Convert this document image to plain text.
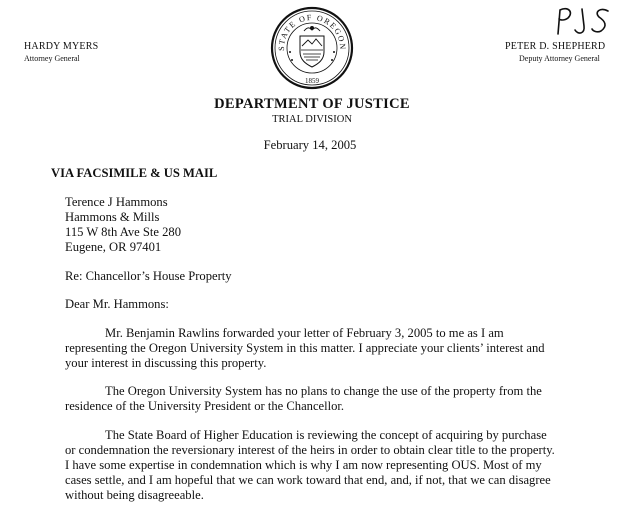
HARDY MYERS
Attorney General
PETER D. SHEPHERD
Deputy Attorney General
STATE OF OREGON
1859
DEPARTMENT OF JUSTICE
TRIAL DIVISION
February 14, 2005
VIA FACSIMILE & US MAIL
Terence J Hammons
Hammons & Mills
115 W 8th Ave Ste 280
Eugene, OR 97401
Re: Chancellor’s House Property
Dear Mr. Hammons:
Mr. Benjamin Rawlins forwarded your letter of February 3, 2005 to me as I am
representing the Oregon University System in this matter. I appreciate your clients’ interest and
your interest in discussing this property.
The Oregon University System has no plans to change the use of the property from the
residence of the University President or the Chancellor.
The State Board of Higher Education is reviewing the concept of acquiring by purchase
or condemnation the reversionary interest of the heirs in order to obtain clear title to the property.
I have some expertise in condemnation which is why I am now representing OUS. Most of my
cases settle, and I am hopeful that we can work toward that end, and, if not, that we can disagree
without being disagreeable.
